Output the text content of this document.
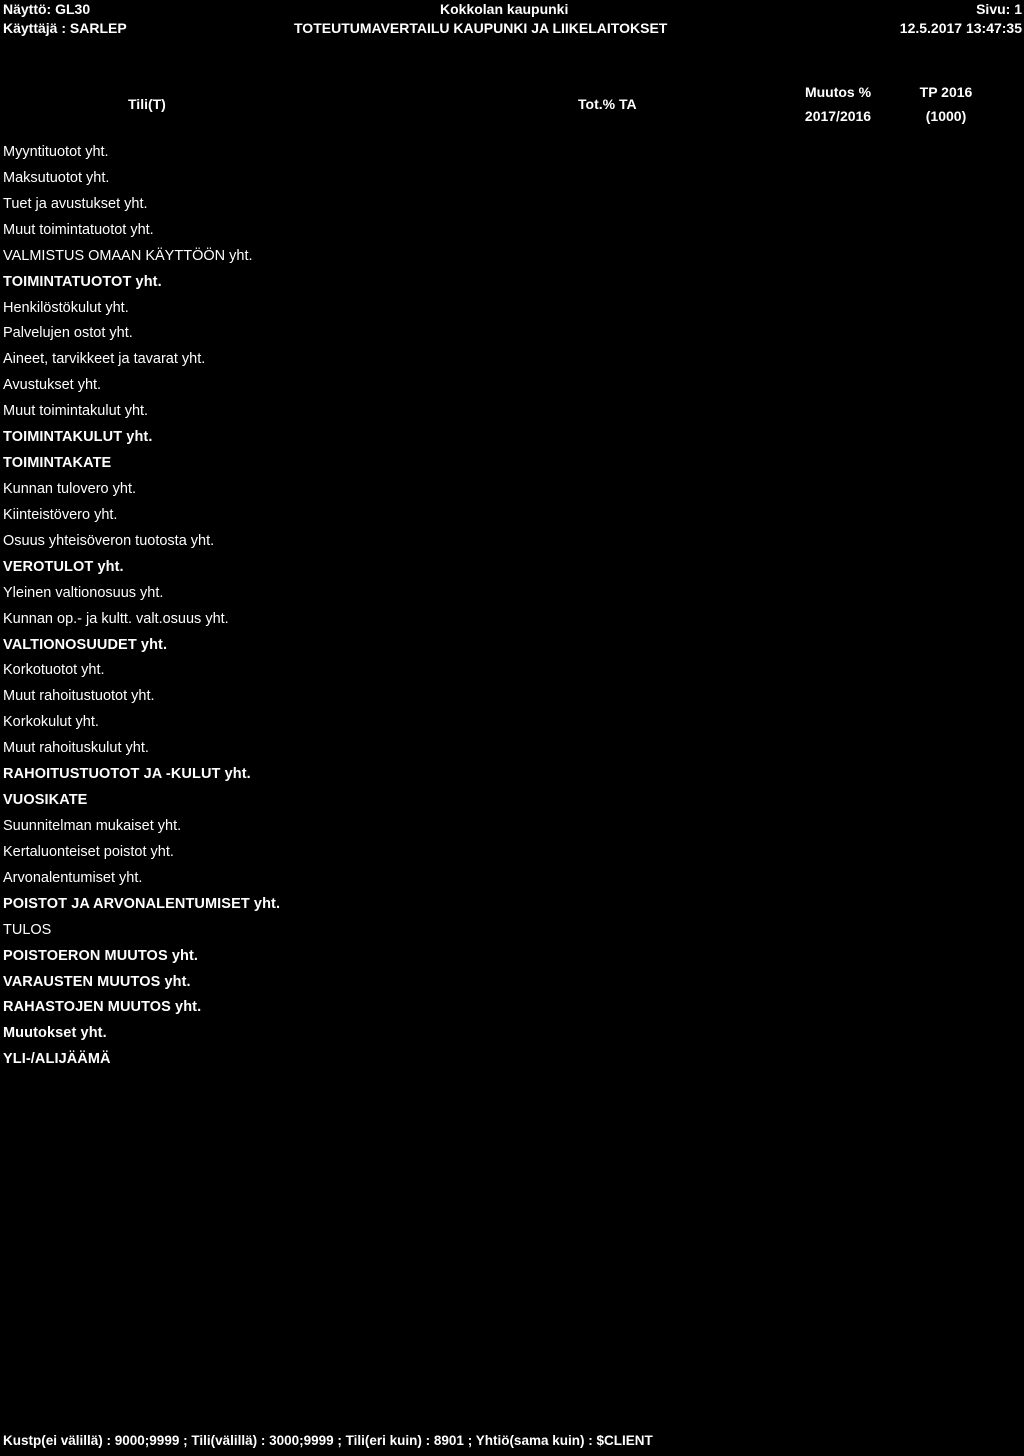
Näyttö: GL30
Käyttäjä : SARLEP
Kokkolan kaupunki
TOTEUTUMAVERTAILU KAUPUNKI JA LIIKELAITOKSET
Sivu: 1
12.5.2017 13:47:35
Tili(T)	Tot.% TA
Muutos %
2017/2016
TP 2016
(1000)
Myyntituotot yht.
Maksutuotot yht.
Tuet ja avustukset yht.
Muut toimintatuotot yht.
VALMISTUS OMAAN KÄYTTÖÖN yht.
TOIMINTATUOTOT yht.
Henkilöstökulut yht.
Palvelujen ostot yht.
Aineet, tarvikkeet ja tavarat yht.
Avustukset yht.
Muut toimintakulut yht.
TOIMINTAKULUT yht.
TOIMINTAKATE
Kunnan tulovero yht.
Kiinteistövero yht.
Osuus yhteisöveron tuotosta yht.
VEROTULOT yht.
Yleinen valtionosuus yht.
Kunnan op.- ja kultt. valt.osuus yht.
VALTIONOSUUDET yht.
Korkotuotot yht.
Muut rahoitustuotot yht.
Korkokulut yht.
Muut rahoituskulut yht.
RAHOITUSTUOTOT JA -KULUT yht.
VUOSIKATE
Suunnitelman mukaiset yht.
Kertaluonteiset poistot yht.
Arvonalentumiset yht.
POISTOT JA ARVONALENTUMISET yht.
TULOS
POISTOERON MUUTOS yht.
VARAUSTEN MUUTOS yht.
RAHASTOJEN MUUTOS yht.
Muutokset yht.
YLI-/ALIJÄÄMÄ
Kustp(ei välillä) : 9000;9999 ; Tili(välillä) : 3000;9999 ; Tili(eri kuin) : 8901 ; Yhtiö(sama kuin) : $CLIENT
